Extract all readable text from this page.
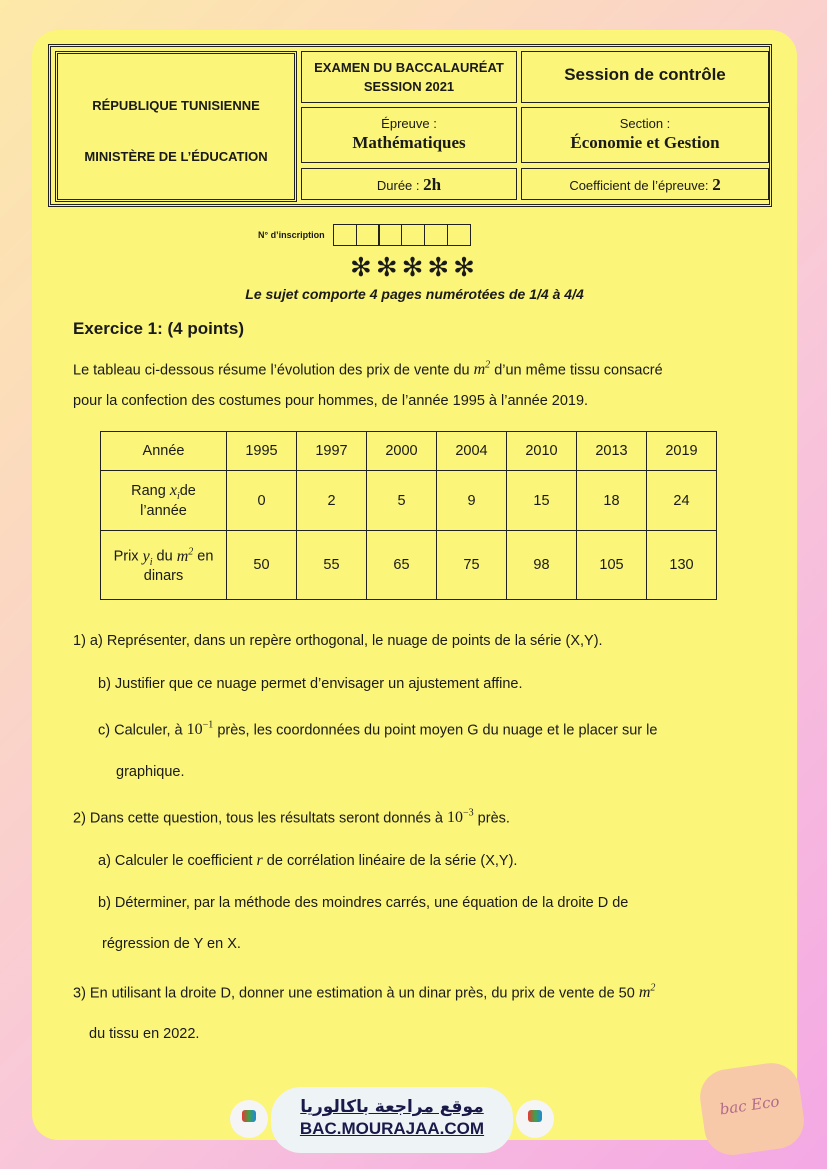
RÉPUBLIQUE TUNISIENNE
MINISTÈRE DE L’ÉDUCATION
EXAMEN DU BACCALAURÉAT
SESSION 2021
Session de contrôle
Épreuve :
Mathématiques
Section :
Économie et Gestion
Durée : 2h	Coefficient de l’épreuve: 2
N° d’inscription
✻✻✻✻✻
Le sujet comporte 4 pages numérotées de 1/4 à 4/4
Exercice 1: (4 points)
Le tableau ci-dessous résume l’évolution des prix de vente du $m^2$ d’un même tissu consacré
pour la confection des costumes pour hommes, de l’année 1995 à l’année 2019.
Année	1995	1997	2000	2004	2010	2013	2019
Rang $x_ide$
l’année	0	2	5	9	15	18	24
Prix $y_i$ du $m^2$ en
dinars	50	55	65	75	98	105	130
1) a) Représenter, dans un repère orthogonal, le nuage de points de la série (X,Y).
b) Justifier que ce nuage permet d’envisager un ajustement affine.
c) Calculer, à $10^{-1}$ près, les coordonnées du point moyen G du nuage et le placer sur le
graphique.
2) Dans cette question, tous les résultats seront donnés à $10^{-3}$ près.
a) Calculer le coefficient r de corrélation linéaire de la série (X,Y).
b) Déterminer, par la méthode des moindres carrés, une équation de la droite D de
régression de Y en X.
3) En utilisant la droite D, donner une estimation à un dinar près, du prix de vente de 50 $m^2$
du tissu en 2022.
موقع مراجعة باكالوريا
BAC.MOURAJAA.COM
bac Eco
